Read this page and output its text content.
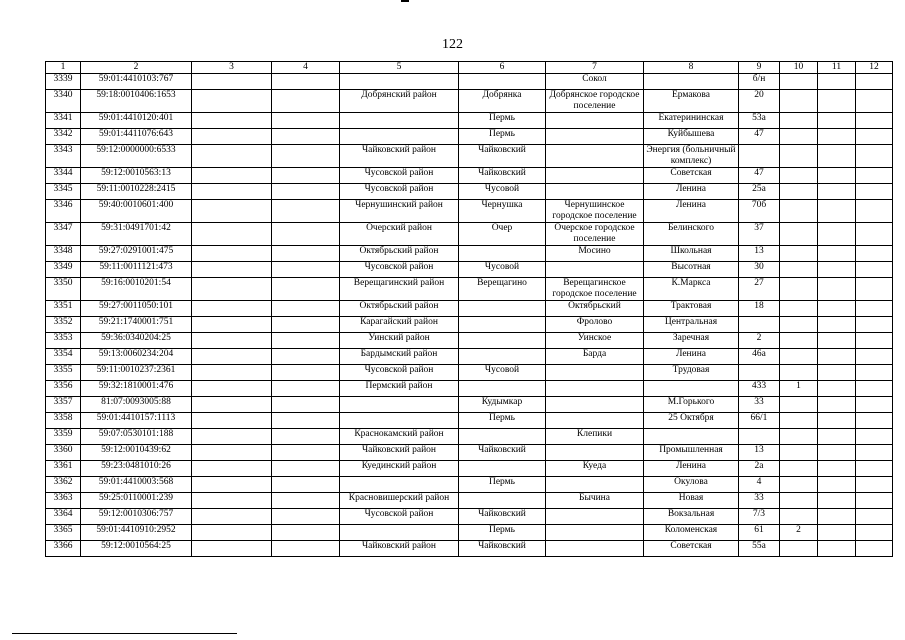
122
1	2	3	4	5	6	7	8	9	10	11	12
3339	59:01:4410103:767					Сокол		б/н			
3340	59:18:0010406:1653			Добрянский район	Добрянка	Добрянское городское поселение	Ермакова	20			
3341	59:01:4410120:401				Пермь		Екатерининская	53а			
3342	59:01:4411076:643				Пермь		Куйбышева	47			
3343	59:12:0000000:6533			Чайковский район	Чайковский		Энергия (больничный комплекс)				
3344	59:12:0010563:13			Чусовской район	Чайковский		Советская	47			
3345	59:11:0010228:2415			Чусовской район	Чусовой		Ленина	25а			
3346	59:40:0010601:400			Чернушинский район	Чернушка	Чернушинское городское поселение	Ленина	70б			
3347	59:31:0491701:42			Очерский район	Очер	Очерское городское поселение	Белинского	37			
3348	59:27:0291001:475			Октябрьский район		Мосино	Школьная	13			
3349	59:11:0011121:473			Чусовской район	Чусовой		Высотная	30			
3350	59:16:0010201:54			Верещагинский район	Верещагино	Верещагинское городское поселение	К.Маркса	27			
3351	59:27:0011050:101			Октябрьский район		Октябрьский	Трактовая	18			
3352	59:21:1740001:751			Карагайский район		Фролово	Центральная				
3353	59:36:0340204:25			Уинский район		Уинское	Заречная	2			
3354	59:13:0060234:204			Бардымский район		Барда	Ленина	46а			
3355	59:11:0010237:2361			Чусовской район	Чусовой		Трудовая				
3356	59:32:1810001:476			Пермский район				433	1		
3357	81:07:0093005:88				Кудымкар		М.Горького	33			
3358	59:01:4410157:1113				Пермь		25 Октября	66/1			
3359	59:07:0530101:188			Краснокамский район		Клепики					
3360	59:12:0010439:62			Чайковский район	Чайковский		Промышленная	13			
3361	59:23:0481010:26			Куединский район		Куеда	Ленина	2а			
3362	59:01:4410003:568				Пермь		Окулова	4			
3363	59:25:0110001:239			Красновишерский район		Бычина	Новая	33			
3364	59:12:0010306:757			Чусовской район	Чайковский		Вокзальная	7/3			
3365	59:01:4410910:2952				Пермь		Коломенская	61	2		
3366	59:12:0010564:25			Чайковский район	Чайковский		Советская	55а			
